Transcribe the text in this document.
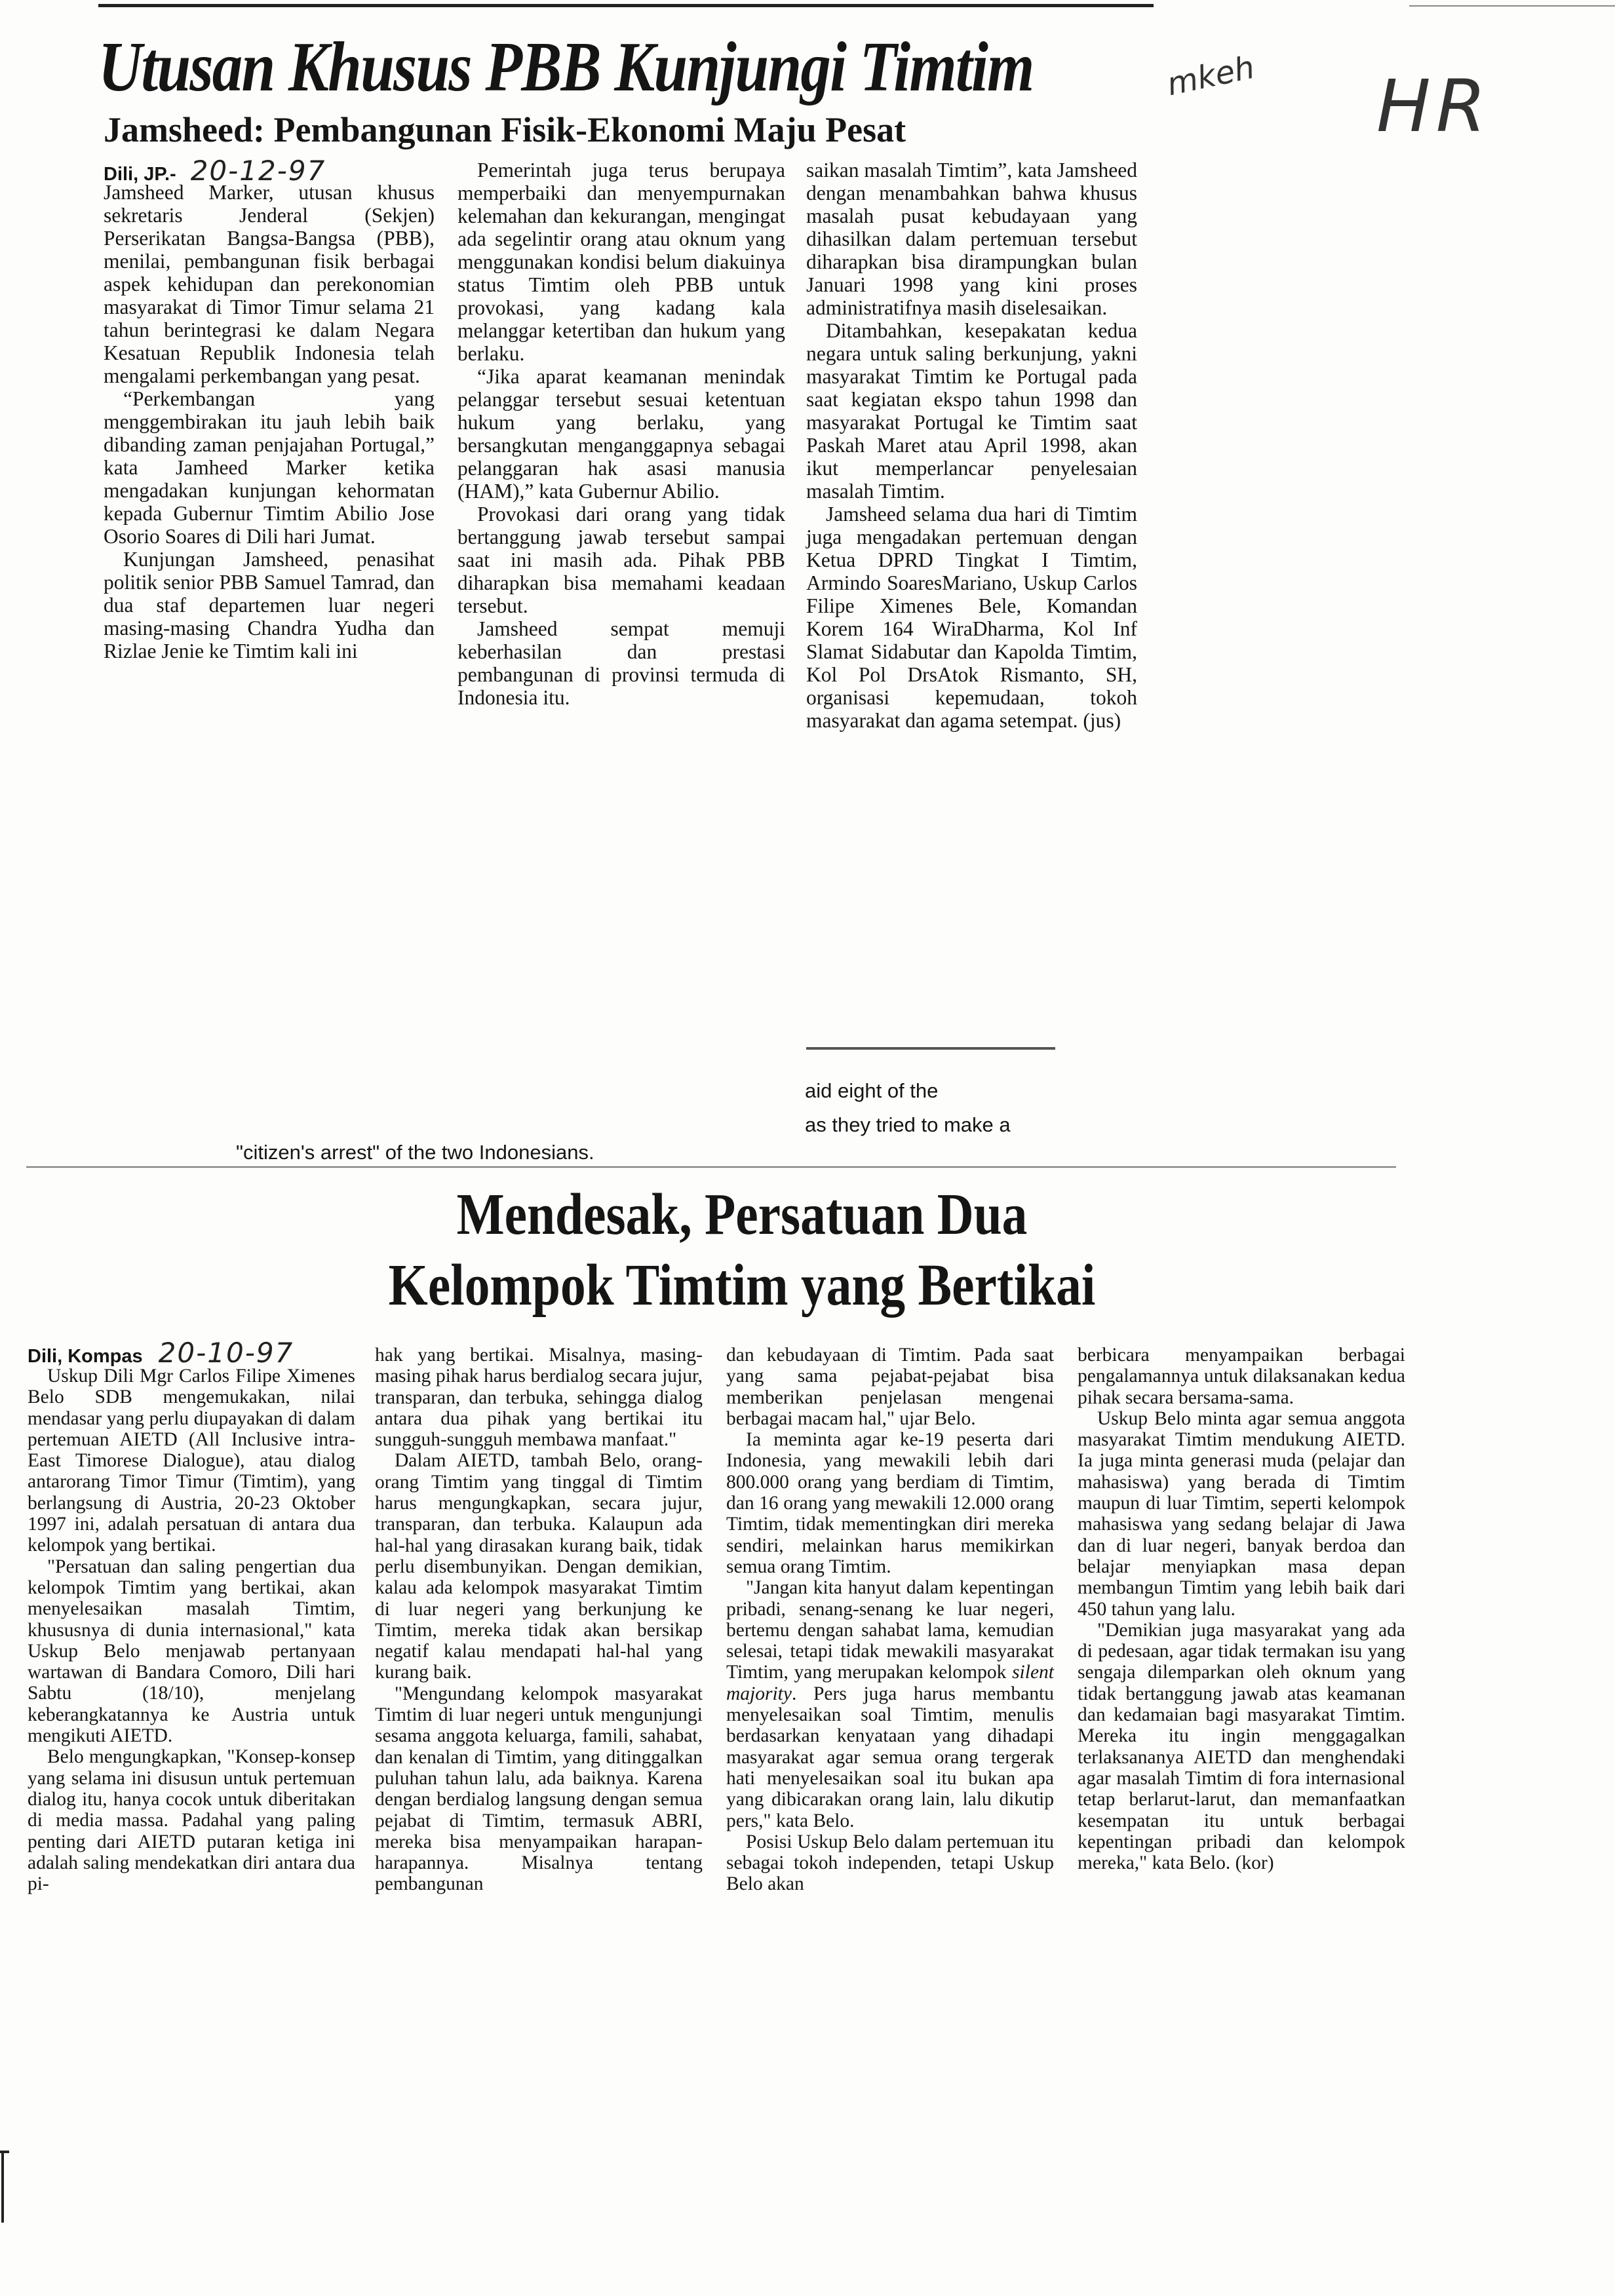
Utusan Khusus PBB Kunjungi Timtim
Jamsheed: Pembangunan Fisik-Ekonomi Maju Pesat
Dili, JP.- 20-12-97

Jamsheed Marker, utusan khusus sekretaris Jenderal (Sekjen) Perserikatan Bangsa-Bangsa (PBB), menilai, pembangunan fisik berbagai aspek kehidupan dan perekonomian masyarakat di Timor Timur selama 21 tahun berintegrasi ke dalam Negara Kesatuan Republik Indonesia telah mengalami perkembangan yang pesat.

“Perkembangan yang menggembirakan itu jauh lebih baik dibanding zaman penjajahan Portugal,” kata Jamheed Marker ketika mengadakan kunjungan kehormatan kepada Gubernur Timtim Abilio Jose Osorio Soares di Dili hari Jumat.

Kunjungan Jamsheed, penasihat politik senior PBB Samuel Tamrad, dan dua staf departemen luar negeri masing-masing Chandra Yudha dan Rizlae Jenie ke Timtim kali ini

Pemerintah juga terus berupaya memperbaiki dan menyempurnakan kelemahan dan kekurangan, mengingat ada segelintir orang atau oknum yang menggunakan kondisi belum diakuinya status Timtim oleh PBB untuk provokasi, yang kadang kala melanggar ketertiban dan hukum yang berlaku.

“Jika aparat keamanan menindak pelanggar tersebut sesuai ketentuan hukum yang berlaku, yang bersangkutan menganggapnya sebagai pelanggaran hak asasi manusia (HAM),” kata Gubernur Abilio.

Provokasi dari orang yang tidak bertanggung jawab tersebut sampai saat ini masih ada. Pihak PBB diharapkan bisa memahami keadaan tersebut.

Jamsheed sempat memuji keberhasilan dan prestasi pembangunan di provinsi termuda di Indonesia itu.

saikan masalah Timtim”, kata Jamsheed dengan menambahkan bahwa khusus masalah pusat kebudayaan yang dihasilkan dalam pertemuan tersebut diharapkan bisa dirampungkan bulan Januari 1998 yang kini proses administratifnya masih diselesaikan.

Ditambahkan, kesepakatan kedua negara untuk saling berkunjung, yakni masyarakat Timtim ke Portugal pada saat kegiatan ekspo tahun 1998 dan masyarakat Portugal ke Timtim saat Paskah Maret atau April 1998, akan ikut memperlancar penyelesaian masalah Timtim.

Jamsheed selama dua hari di Timtim juga mengadakan pertemuan dengan Ketua DPRD Tingkat I Timtim, Armindo SoaresMariano, Uskup Carlos Filipe Ximenes Bele, Komandan Korem 164 WiraDharma, Kol Inf Slamat Sidabutar dan Kapolda Timtim, Kol Pol DrsAtok Rismanto, SH, organisasi kepemudaan, tokoh masyarakat dan agama setempat. (jus)

mkeh HR
aid eight of the
as they tried to make a
"citizen's arrest" of the two Indonesians.
Mendesak, Persatuan Dua
Kelompok Timtim yang Bertikai
Dili, Kompas 20-10-97

Uskup Dili Mgr Carlos Filipe Ximenes Belo SDB mengemukakan, nilai mendasar yang perlu diupayakan di dalam pertemuan AIETD (All Inclusive intra-East Timorese Dialogue), atau dialog antarorang Timor Timur (Timtim), yang berlangsung di Austria, 20-23 Oktober 1997 ini, adalah persatuan di antara dua kelompok yang bertikai.

"Persatuan dan saling pengertian dua kelompok Timtim yang bertikai, akan menyelesaikan masalah Timtim, khususnya di dunia internasional," kata Uskup Belo menjawab pertanyaan wartawan di Bandara Comoro, Dili hari Sabtu (18/10), menjelang keberangkatannya ke Austria untuk mengikuti AIETD.

Belo mengungkapkan, "Konsep-konsep yang selama ini disusun untuk pertemuan dialog itu, hanya cocok untuk diberitakan di media massa. Padahal yang paling penting dari AIETD putaran ketiga ini adalah saling mendekatkan diri antara dua pi-

hak yang bertikai. Misalnya, masing-masing pihak harus berdialog secara jujur, transparan, dan terbuka, sehingga dialog antara dua pihak yang bertikai itu sungguh-sungguh membawa manfaat."

Dalam AIETD, tambah Belo, orang-orang Timtim yang tinggal di Timtim harus mengungkapkan, secara jujur, transparan, dan terbuka. Kalaupun ada hal-hal yang dirasakan kurang baik, tidak perlu disembunyikan. Dengan demikian, kalau ada kelompok masyarakat Timtim di luar negeri yang berkunjung ke Timtim, mereka tidak akan bersikap negatif kalau mendapati hal-hal yang kurang baik.

"Mengundang kelompok masyarakat Timtim di luar negeri untuk mengunjungi sesama anggota keluarga, famili, sahabat, dan kenalan di Timtim, yang ditinggalkan puluhan tahun lalu, ada baiknya. Karena dengan berdialog langsung dengan semua pejabat di Timtim, termasuk ABRI, mereka bisa menyampaikan harapan-harapannya. Misalnya tentang pembangunan

dan kebudayaan di Timtim. Pada saat yang sama pejabat-pejabat bisa memberikan penjelasan mengenai berbagai macam hal," ujar Belo.

Ia meminta agar ke-19 peserta dari Indonesia, yang mewakili lebih dari 800.000 orang yang berdiam di Timtim, dan 16 orang yang mewakili 12.000 orang Timtim, tidak mementingkan diri mereka sendiri, melainkan harus memikirkan semua orang Timtim.

"Jangan kita hanyut dalam kepentingan pribadi, senang-senang ke luar negeri, bertemu dengan sahabat lama, kemudian selesai, tetapi tidak mewakili masyarakat Timtim, yang merupakan kelompok silent majority. Pers juga harus membantu menyelesaikan soal Timtim, menulis berdasarkan kenyataan yang dihadapi masyarakat agar semua orang tergerak hati menyelesaikan soal itu bukan apa yang dibicarakan orang lain, lalu dikutip pers," kata Belo.

Posisi Uskup Belo dalam pertemuan itu sebagai tokoh independen, tetapi Uskup Belo akan

berbicara menyampaikan berbagai pengalamannya untuk dilaksanakan kedua pihak secara bersama-sama.

Uskup Belo minta agar semua anggota masyarakat Timtim mendukung AIETD. Ia juga minta generasi muda (pelajar dan mahasiswa) yang berada di Timtim maupun di luar Timtim, seperti kelompok mahasiswa yang sedang belajar di Jawa dan di luar negeri, banyak berdoa dan belajar menyiapkan masa depan membangun Timtim yang lebih baik dari 450 tahun yang lalu.

"Demikian juga masyarakat yang ada di pedesaan, agar tidak termakan isu yang sengaja dilemparkan oleh oknum yang tidak bertanggung jawab atas keamanan dan kedamaian bagi masyarakat Timtim. Mereka itu ingin menggagalkan terlaksananya AIETD dan menghendaki agar masalah Timtim di fora internasional tetap berlarut-larut, dan memanfaatkan kesempatan itu untuk berbagai kepentingan pribadi dan kelompok mereka," kata Belo. (kor)
